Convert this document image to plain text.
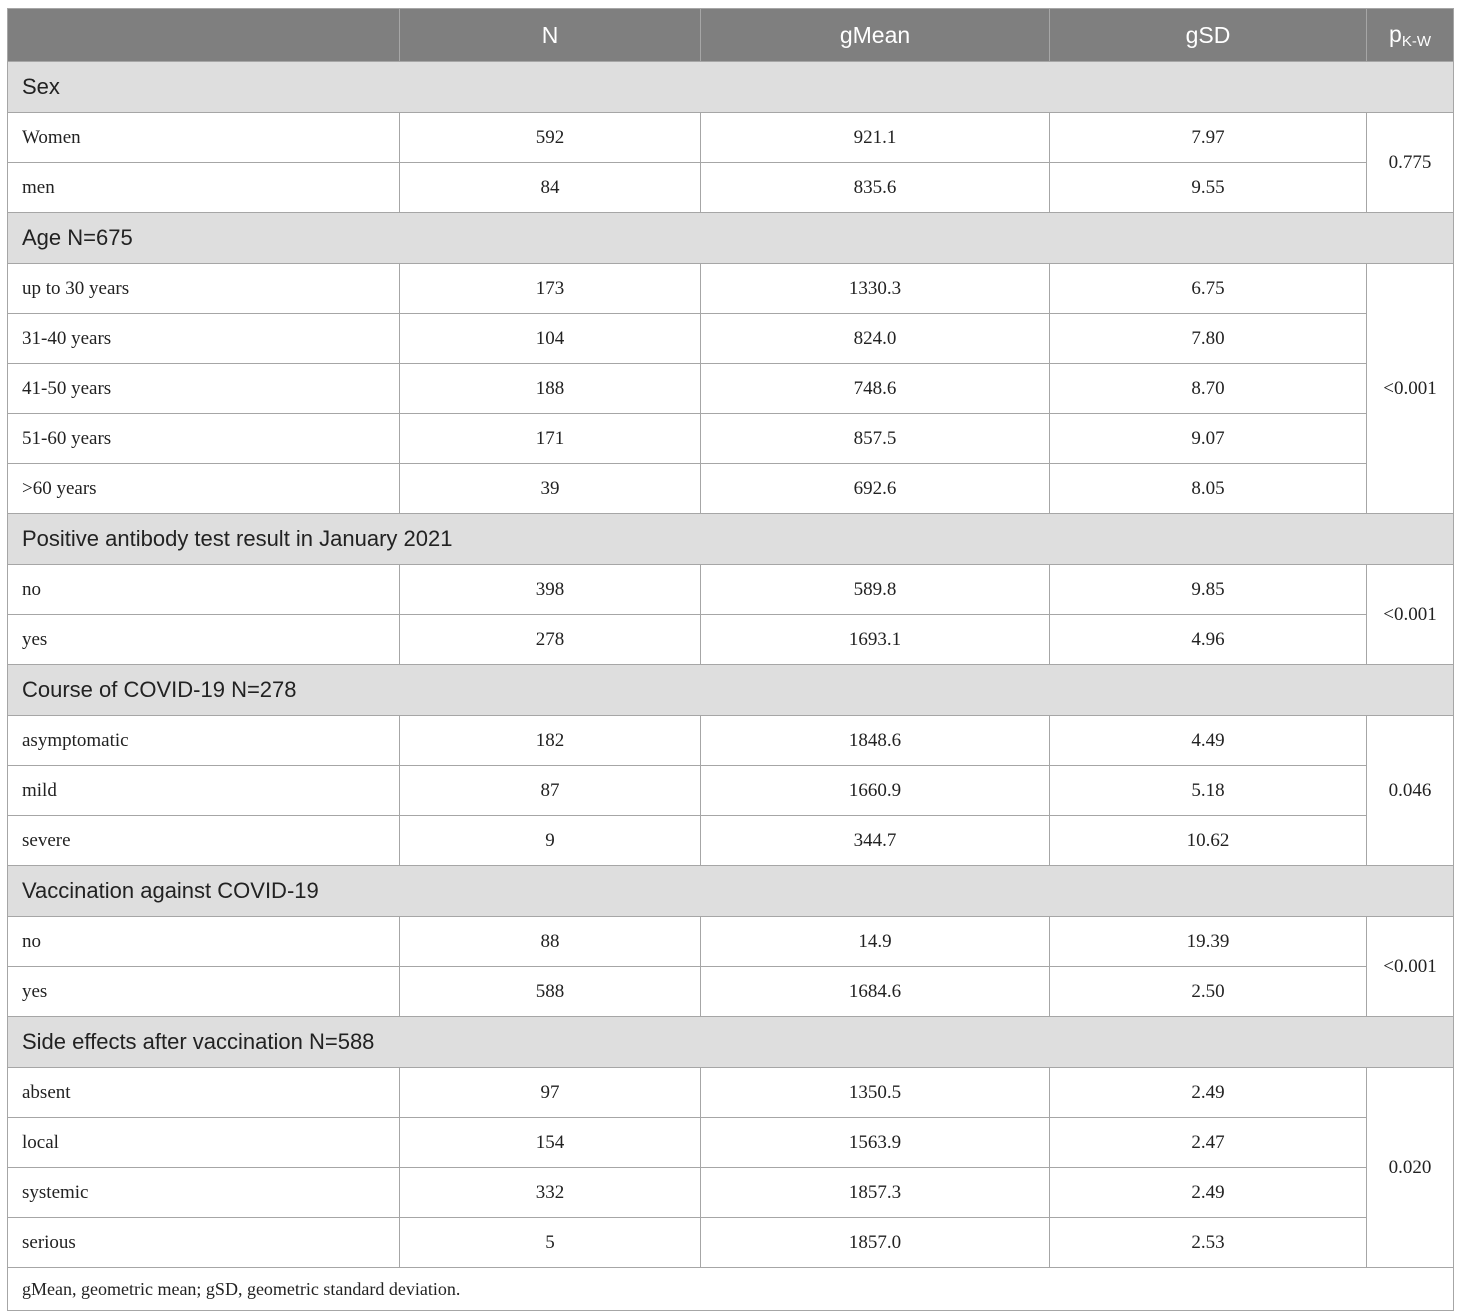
	N	gMean	gSD	$p_{K-W}$
Sex				
Women	592	921.1	7.97	0.775
men	84	835.6	9.55	
Age N=675				
up to 30 years	173	1330.3	6.75	<0.001
31-40 years	104	824.0	7.80	
41-50 years	188	748.6	8.70	
51-60 years	171	857.5	9.07	
>60 years	39	692.6	8.05	
Positive antibody test result in January 2021				
no	398	589.8	9.85	<0.001
yes	278	1693.1	4.96	
Course of COVID-19 N=278				
asymptomatic	182	1848.6	4.49	0.046
mild	87	1660.9	5.18	
severe	9	344.7	10.62	
Vaccination against COVID-19				
no	88	14.9	19.39	<0.001
yes	588	1684.6	2.50	
Side effects after vaccination N=588				
absent	97	1350.5	2.49	0.020
local	154	1563.9	2.47	
systemic	332	1857.3	2.49	
serious	5	1857.0	2.53	
gMean, geometric mean; gSD, geometric standard deviation.				
